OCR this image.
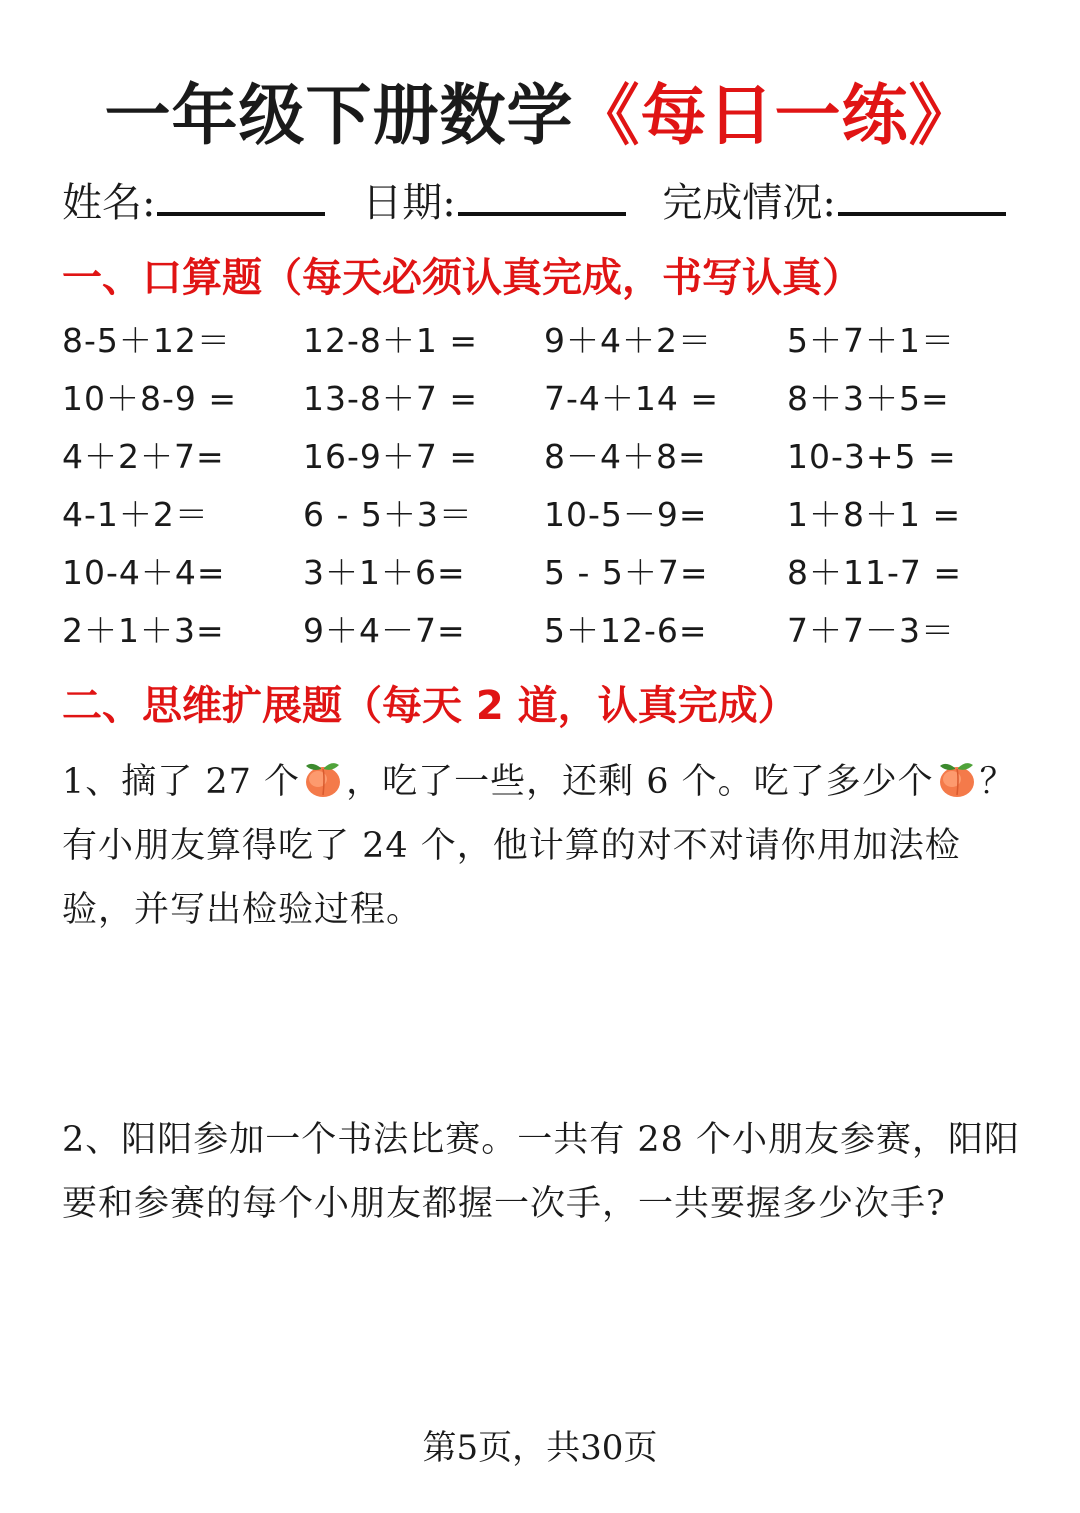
一年级下册数学《每日一练》
姓名:	日期:	完成情况:
一、口算题（每天必须认真完成，书写认真）
8-5＋12＝	12-8＋1 =	9＋4＋2＝	5＋7＋1＝
10＋8-9 =	13-8＋7 =	7-4＋14 =	8＋3＋5=
4＋2＋7=	16-9＋7 =	8－4＋8=	10-3+5 =
4-1＋2＝	6 - 5＋3＝	10-5－9=	1＋8＋1 =
10-4＋4=	3＋1＋6=	5 - 5＋7=	8＋11-7 =
2＋1＋3=	9＋4－7=	5＋12-6=	7＋7－3＝
二、思维扩展题（每天 2 道，认真完成）
1、摘了 27 个 ，吃了一些，还剩 6 个。吃了多少个 ？有小朋友算得吃了 24 个，他计算的对不对请你用加法检验，并写出检验过程。
2、阳阳参加一个书法比赛。一共有 28 个小朋友参赛，阳阳要和参赛的每个小朋友都握一次手，一共要握多少次手?
第5页，共30页
